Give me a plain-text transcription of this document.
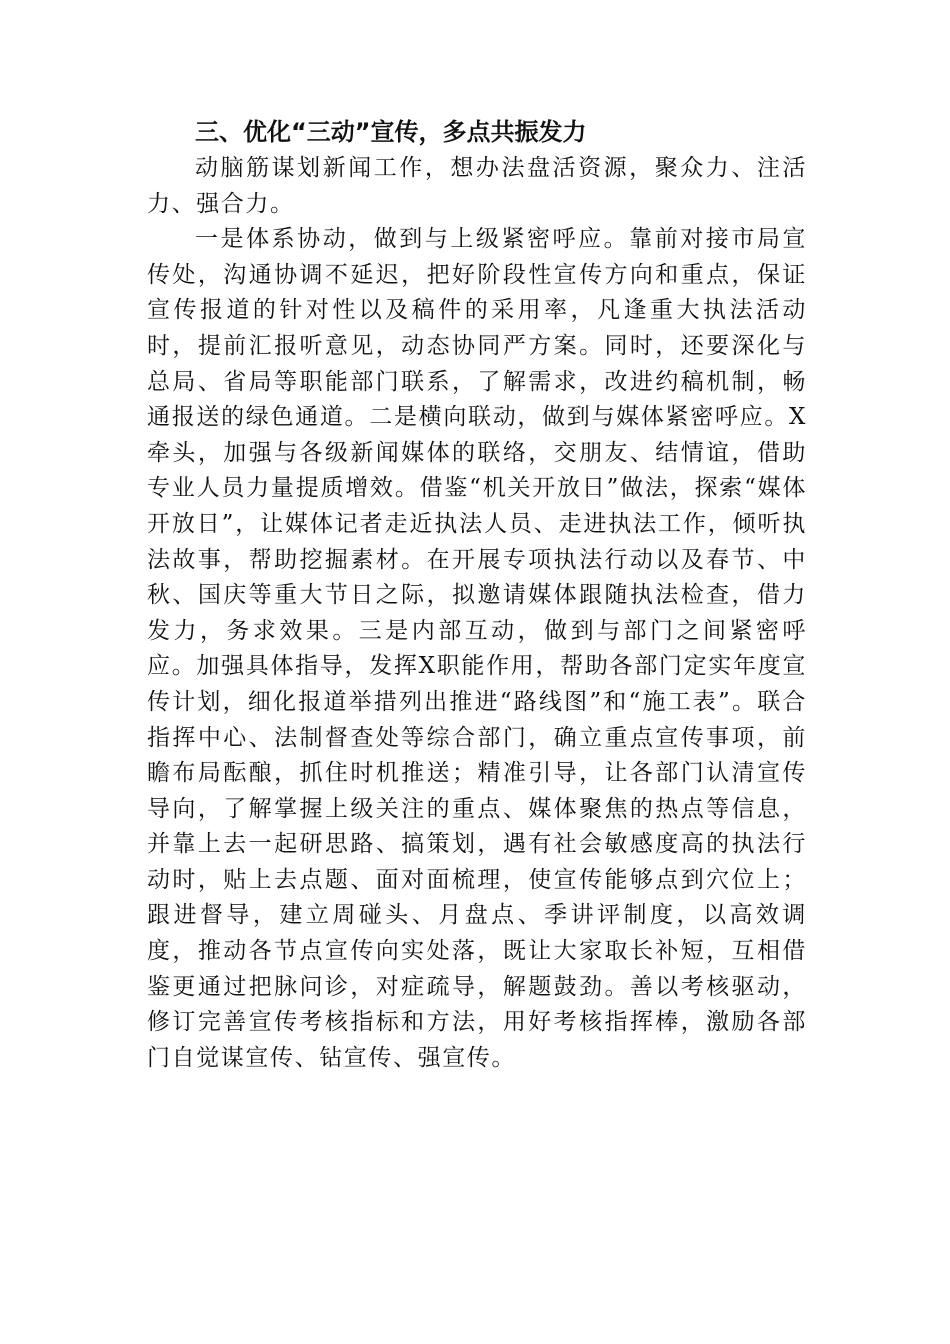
三、优化“三动”宣传，多点共振发力

动脑筋谋划新闻工作，想办法盘活资源，聚众力、注活力、强合力。

一是体系协动，做到与上级紧密呼应。靠前对接市局宣传处，沟通协调不延迟，把好阶段性宣传方向和重点，保证宣传报道的针对性以及稿件的采用率，凡逢重大执法活动时，提前汇报听意见，动态协同严方案。同时，还要深化与总局、省局等职能部门联系，了解需求，改进约稿机制，畅通报送的绿色通道。二是横向联动，做到与媒体紧密呼应。X牵头，加强与各级新闻媒体的联络，交朋友、结情谊，借助专业人员力量提质增效。借鉴“机关开放日”做法，探索“媒体开放日”，让媒体记者走近执法人员、走进执法工作，倾听执法故事，帮助挖掘素材。在开展专项执法行动以及春节、中秋、国庆等重大节日之际，拟邀请媒体跟随执法检查，借力发力，务求效果。三是内部互动，做到与部门之间紧密呼应。加强具体指导，发挥X职能作用，帮助各部门定实年度宣传计划，细化报道举措列出推进“路线图”和“施工表”。联合指挥中心、法制督查处等综合部门，确立重点宣传事项，前瞻布局酝酿，抓住时机推送；精准引导，让各部门认清宣传导向，了解掌握上级关注的重点、媒体聚焦的热点等信息，并靠上去一起研思路、搞策划，遇有社会敏感度高的执法行动时，贴上去点题、面对面梳理，使宣传能够点到穴位上；跟进督导，建立周碰头、月盘点、季讲评制度，以高效调度，推动各节点宣传向实处落，既让大家取长补短，互相借鉴更通过把脉问诊，对症疏导，解题鼓劲。善以考核驱动，修订完善宣传考核指标和方法，用好考核指挥棒，激励各部门自觉谋宣传、钻宣传、强宣传。
